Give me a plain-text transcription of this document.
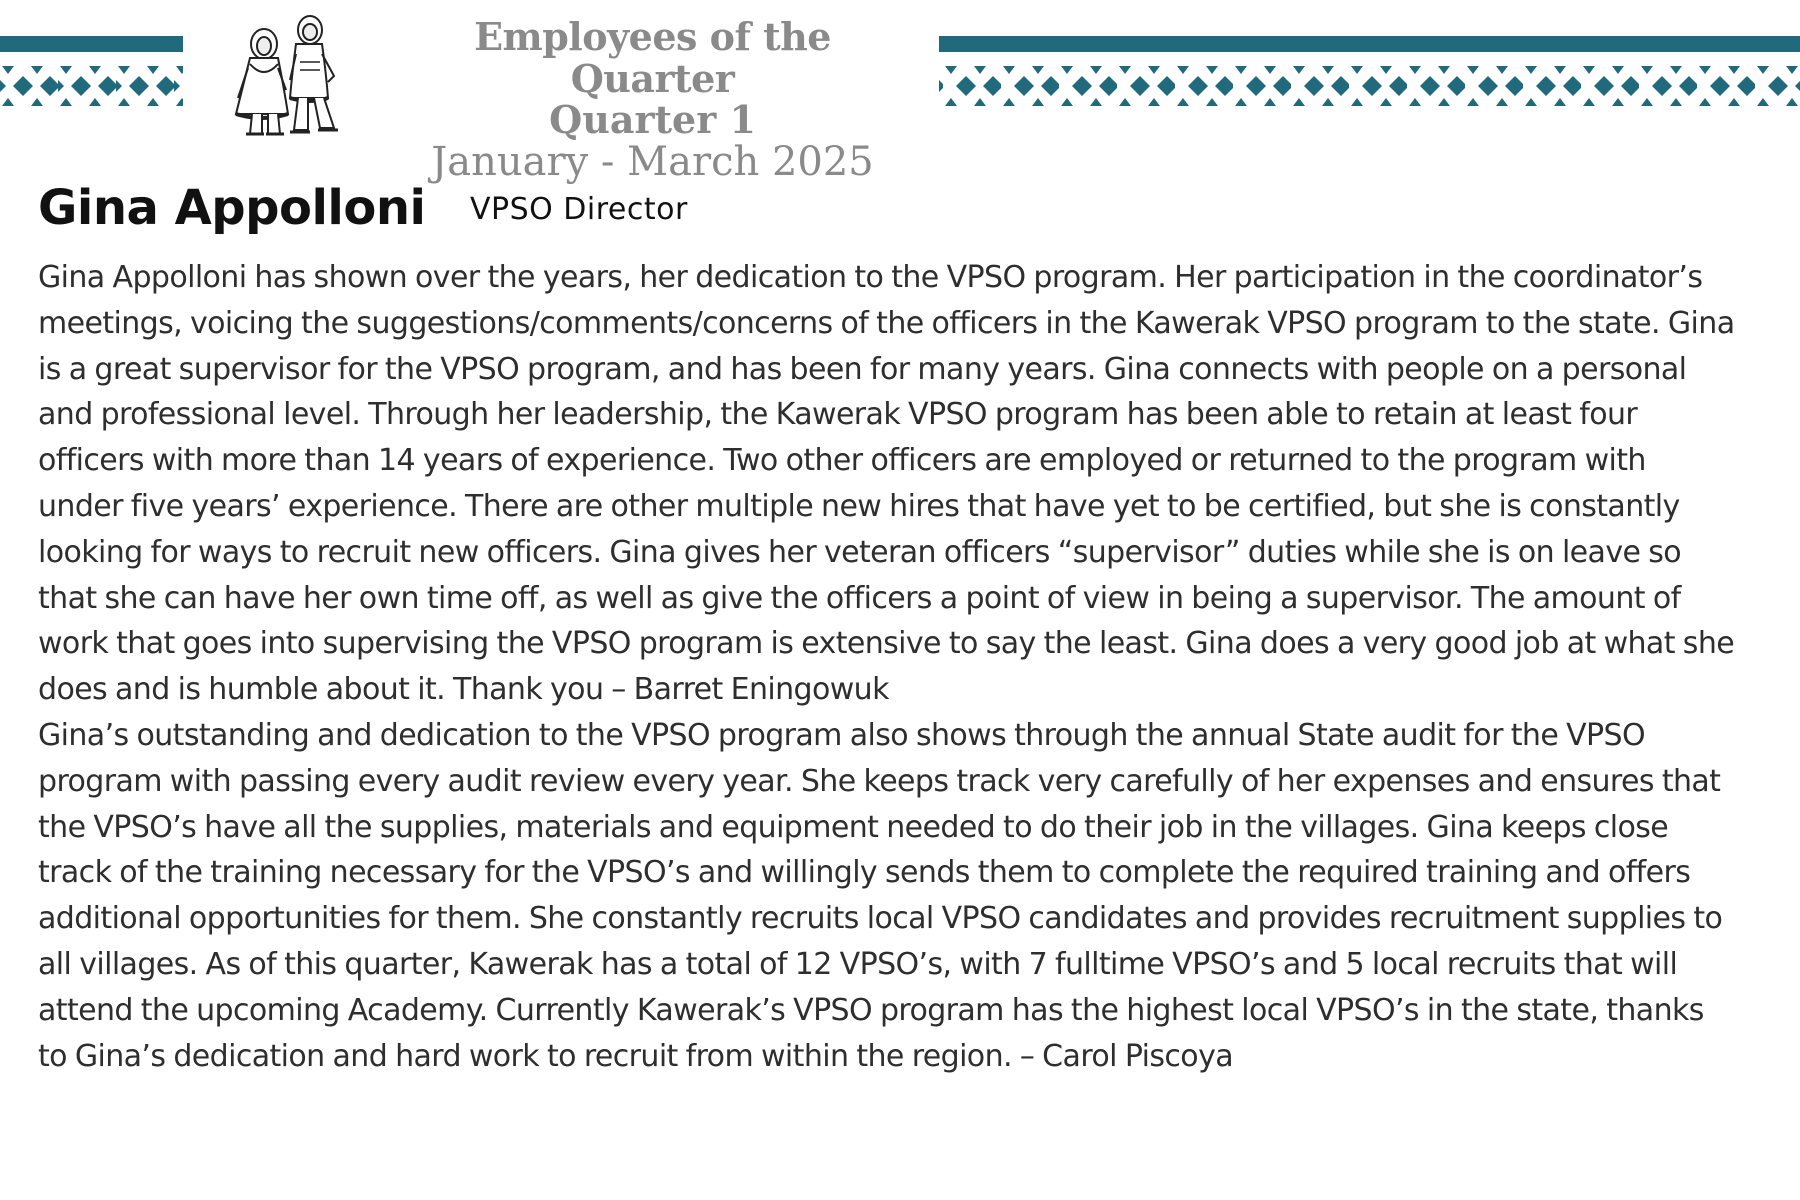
Employees of the Quarter
Quarter 1
January - March 2025
Gina Appolloni VPSO Director

Gina Appolloni has shown over the years, her dedication to the VPSO program. Her participation in the coordinator’s meetings, voicing the suggestions/comments/concerns of the officers in the Kawerak VPSO program to the state. Gina is a great supervisor for the VPSO program, and has been for many years. Gina connects with people on a personal and professional level. Through her leadership, the Kawerak VPSO program has been able to retain at least four officers with more than 14 years of experience. Two other officers are employed or returned to the program with under five years’ experience. There are other multiple new hires that have yet to be certified, but she is constantly looking for ways to recruit new officers. Gina gives her veteran officers “supervisor” duties while she is on leave so that she can have her own time off, as well as give the officers a point of view in being a supervisor. The amount of work that goes into supervising the VPSO program is extensive to say the least. Gina does a very good job at what she does and is humble about it. Thank you – Barret Eningowuk

Gina’s outstanding and dedication to the VPSO program also shows through the annual State audit for the VPSO program with passing every audit review every year. She keeps track very carefully of her expenses and ensures that the VPSO’s have all the supplies, materials and equipment needed to do their job in the villages. Gina keeps close track of the training necessary for the VPSO’s and willingly sends them to complete the required training and offers additional opportunities for them. She constantly recruits local VPSO candidates and provides recruitment supplies to all villages. As of this quarter, Kawerak has a total of 12 VPSO’s, with 7 fulltime VPSO’s and 5 local recruits that will attend the upcoming Academy. Currently Kawerak’s VPSO program has the highest local VPSO’s in the state, thanks to Gina’s dedication and hard work to recruit from within the region. – Carol Piscoya
